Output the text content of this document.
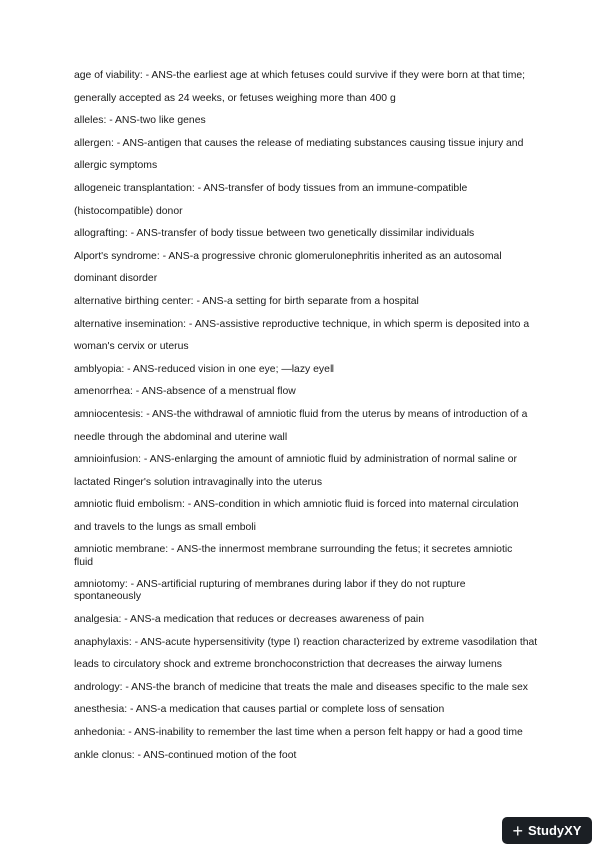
age of viability: - ANS-the earliest age at which fetuses could survive if they were born at that time;
generally accepted as 24 weeks, or fetuses weighing more than 400 g
alleles: - ANS-two like genes
allergen: - ANS-antigen that causes the release of mediating substances causing tissue injury and
allergic symptoms
allogeneic transplantation: - ANS-transfer of body tissues from an immune-compatible
(histocompatible) donor
allografting: - ANS-transfer of body tissue between two genetically dissimilar individuals
Alport's syndrome: - ANS-a progressive chronic glomerulonephritis inherited as an autosomal
dominant disorder
alternative birthing center: - ANS-a setting for birth separate from a hospital
alternative insemination: - ANS-assistive reproductive technique, in which sperm is deposited into a
woman's cervix or uterus
amblyopia: - ANS-reduced vision in one eye; —lazy eye‖
amenorrhea: - ANS-absence of a menstrual flow
amniocentesis: - ANS-the withdrawal of amniotic fluid from the uterus by means of introduction of a
needle through the abdominal and uterine wall
amnioinfusion: - ANS-enlarging the amount of amniotic fluid by administration of normal saline or
lactated Ringer's solution intravaginally into the uterus
amniotic fluid embolism: - ANS-condition in which amniotic fluid is forced into maternal circulation
and travels to the lungs as small emboli
amniotic membrane: - ANS-the innermost membrane surrounding the fetus; it secretes amniotic
fluid
amniotomy: - ANS-artificial rupturing of membranes during labor if they do not rupture
spontaneously
analgesia: - ANS-a medication that reduces or decreases awareness of pain
anaphylaxis: - ANS-acute hypersensitivity (type I) reaction characterized by extreme vasodilation that
leads to circulatory shock and extreme bronchoconstriction that decreases the airway lumens
andrology: - ANS-the branch of medicine that treats the male and diseases specific to the male sex
anesthesia: - ANS-a medication that causes partial or complete loss of sensation
anhedonia: - ANS-inability to remember the last time when a person felt happy or had a good time
ankle clonus: - ANS-continued motion of the foot
+ StudyXY
